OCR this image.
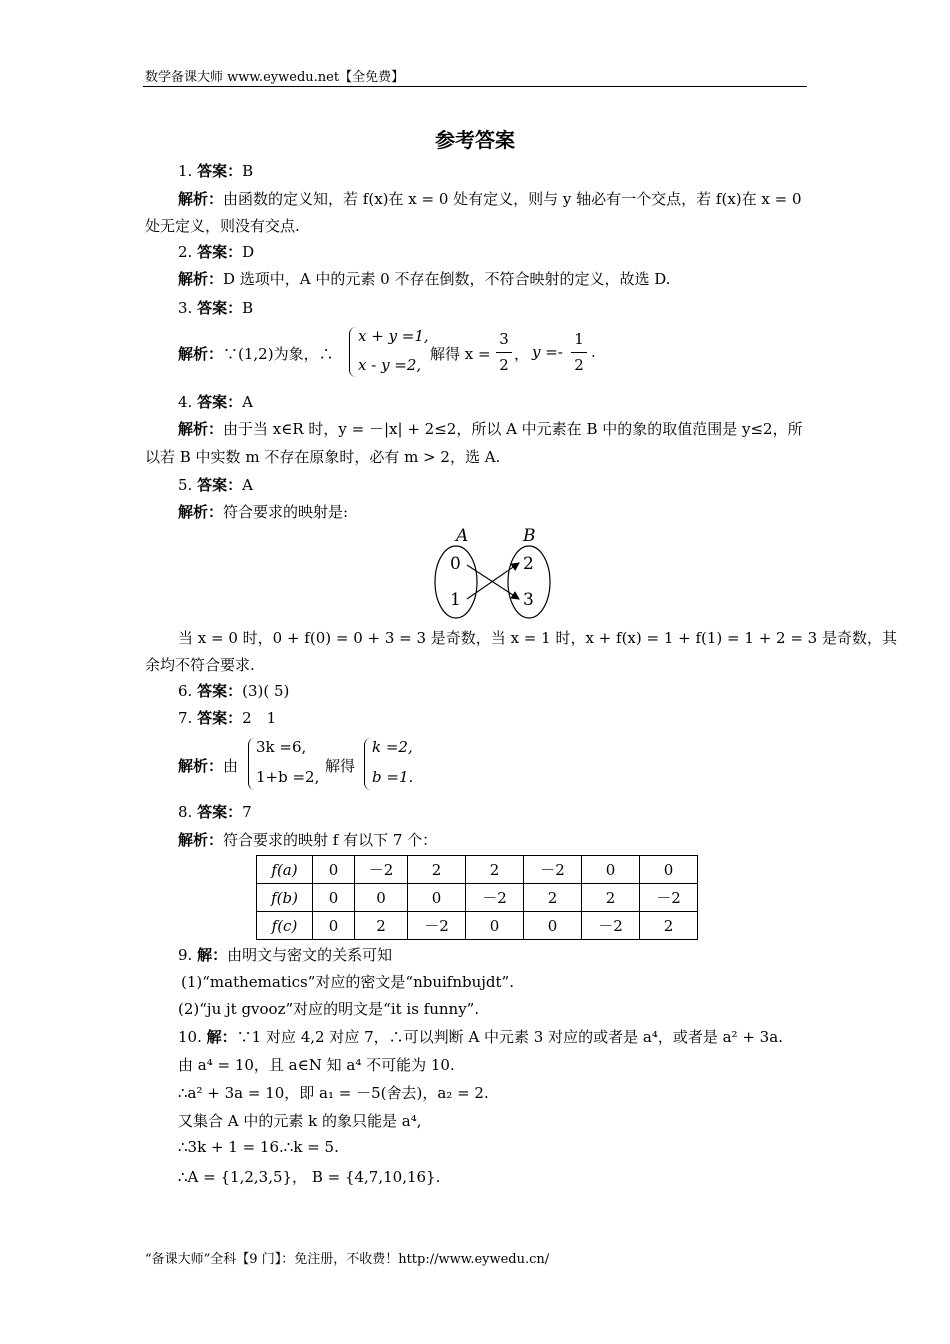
数学备课大师 www.eywedu.net【全免费】
参考答案
1. 答案：B
解析：由函数的定义知，若 f(x)在 x = 0 处有定义，则与 y 轴必有一个交点，若 f(x)在 x = 0
处无定义，则没有交点.
2. 答案：D
解析：D 选项中，A 中的元素 0 不存在倒数，不符合映射的定义，故选 D.
3. 答案：B
解析：∵(1,2)为象，∴
x + y =1,
x - y =2,
解得 x =
3
2
， y =-
1
2
.
4. 答案：A
解析：由于当 x∈R 时，y = －|x| + 2≤2，所以 A 中元素在 B 中的象的取值范围是 y≤2，所
以若 B 中实数 m 不存在原象时，必有 m > 2，选 A.
5. 答案：A
解析：符合要求的映射是:
A	B
0
1
2
3
当 x = 0 时，0 + f(0) = 0 + 3 = 3 是奇数，当 x = 1 时，x + f(x) = 1 + f(1) = 1 + 2 = 3 是奇数，其
余均不符合要求.
6. 答案：(3)( 5)
7. 答案：2　1
解析：由
3k =6,
1+b =2,
解得
k =2,
b =1.
8. 答案：7
解析：符合要求的映射 f 有以下 7 个：
f(a)	0	－2	2	2	－2	0	0
f(b)	0	0	0	－2	2	2	－2
f(c)	0	2	－2	0	0	－2	2
9. 解：由明文与密文的关系可知
(1)“mathematics”对应的密文是“nbuifnbujdt”.
(2)“ju jt gvooz”对应的明文是“it is funny”.
10. 解：∵1 对应 4,2 对应 7，∴可以判断 A 中元素 3 对应的或者是 a⁴，或者是 a² + 3a.
由 a⁴ = 10，且 a∈N 知 a⁴ 不可能为 10.
∴a² + 3a = 10，即 a₁ = －5(舍去)，a₂ = 2.
又集合 A 中的元素 k 的象只能是 a⁴,
∴3k + 1 = 16.∴k = 5.
∴A = {1,2,3,5}， B = {4,7,10,16}.
“备课大师”全科【9 门】：免注册，不收费！http://www.eywedu.cn/
